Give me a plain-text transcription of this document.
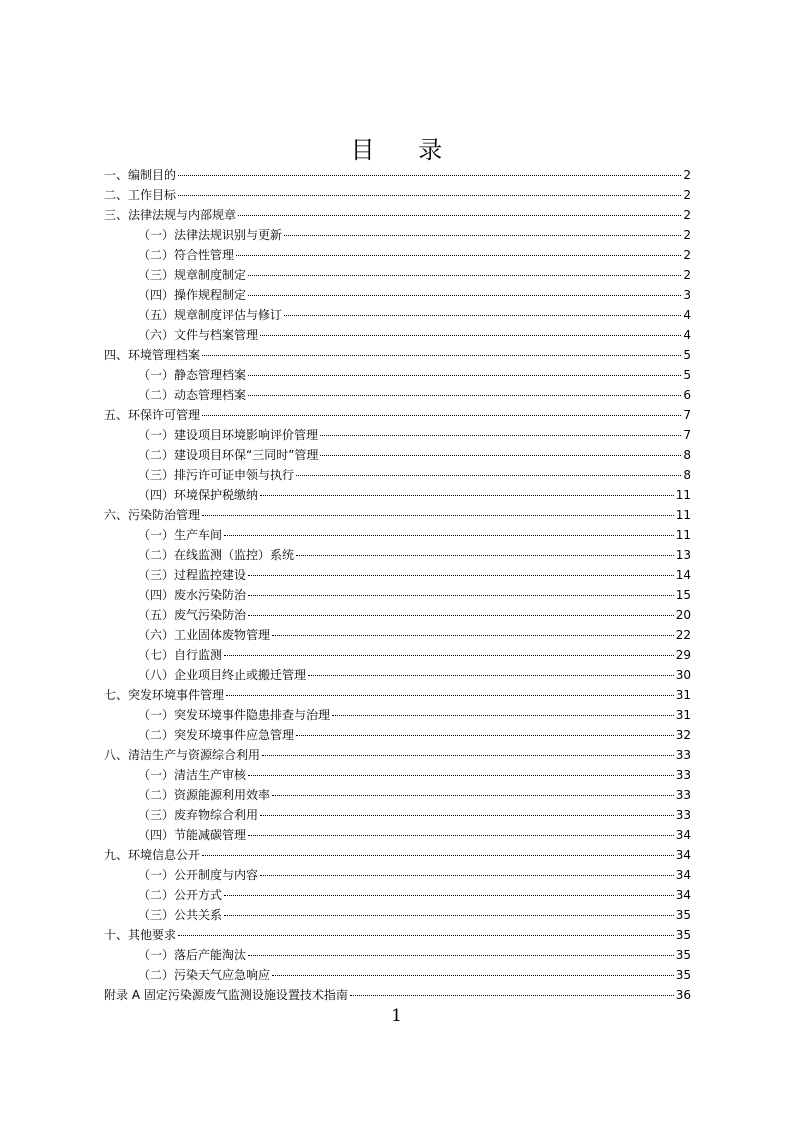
目 录
一、编制目的	2
二、工作目标	2
三、法律法规与内部规章	2
（一）法律法规识别与更新	2
（二）符合性管理	2
（三）规章制度制定	2
（四）操作规程制定	3
（五）规章制度评估与修订	4
（六）文件与档案管理	4
四、环境管理档案	5
（一）静态管理档案	5
（二）动态管理档案	6
五、环保许可管理	7
（一）建设项目环境影响评价管理	7
（二）建设项目环保“三同时”管理	8
（三）排污许可证申领与执行	8
（四）环境保护税缴纳	11
六、污染防治管理	11
（一）生产车间	11
（二）在线监测（监控）系统	13
（三）过程监控建设	14
（四）废水污染防治	15
（五）废气污染防治	20
（六）工业固体废物管理	22
（七）自行监测	29
（八）企业项目终止或搬迁管理	30
七、突发环境事件管理	31
（一）突发环境事件隐患排查与治理	31
（二）突发环境事件应急管理	32
八、清洁生产与资源综合利用	33
（一）清洁生产审核	33
（二）资源能源利用效率	33
（三）废弃物综合利用	33
（四）节能减碳管理	34
九、环境信息公开	34
（一）公开制度与内容	34
（二）公开方式	34
（三）公共关系	35
十、其他要求	35
（一）落后产能淘汰	35
（二）污染天气应急响应	35
附录 A 固定污染源废气监测设施设置技术指南	36
1
